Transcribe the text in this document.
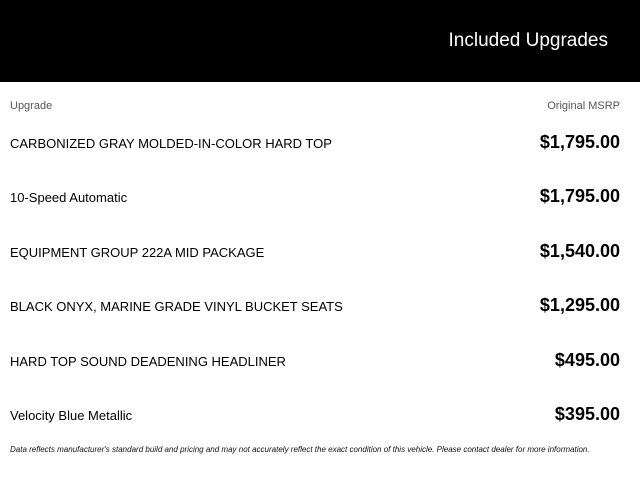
Included Upgrades
Upgrade	Original MSRP
CARBONIZED GRAY MOLDED-IN-COLOR HARD TOP	$1,795.00
10-Speed Automatic	$1,795.00
EQUIPMENT GROUP 222A MID PACKAGE	$1,540.00
BLACK ONYX, MARINE GRADE VINYL BUCKET SEATS	$1,295.00
HARD TOP SOUND DEADENING HEADLINER	$495.00
Velocity Blue Metallic	$395.00
Data reflects manufacturer's standard build and pricing and may not accurately reflect the exact condition of this vehicle. Please contact dealer for more information.
